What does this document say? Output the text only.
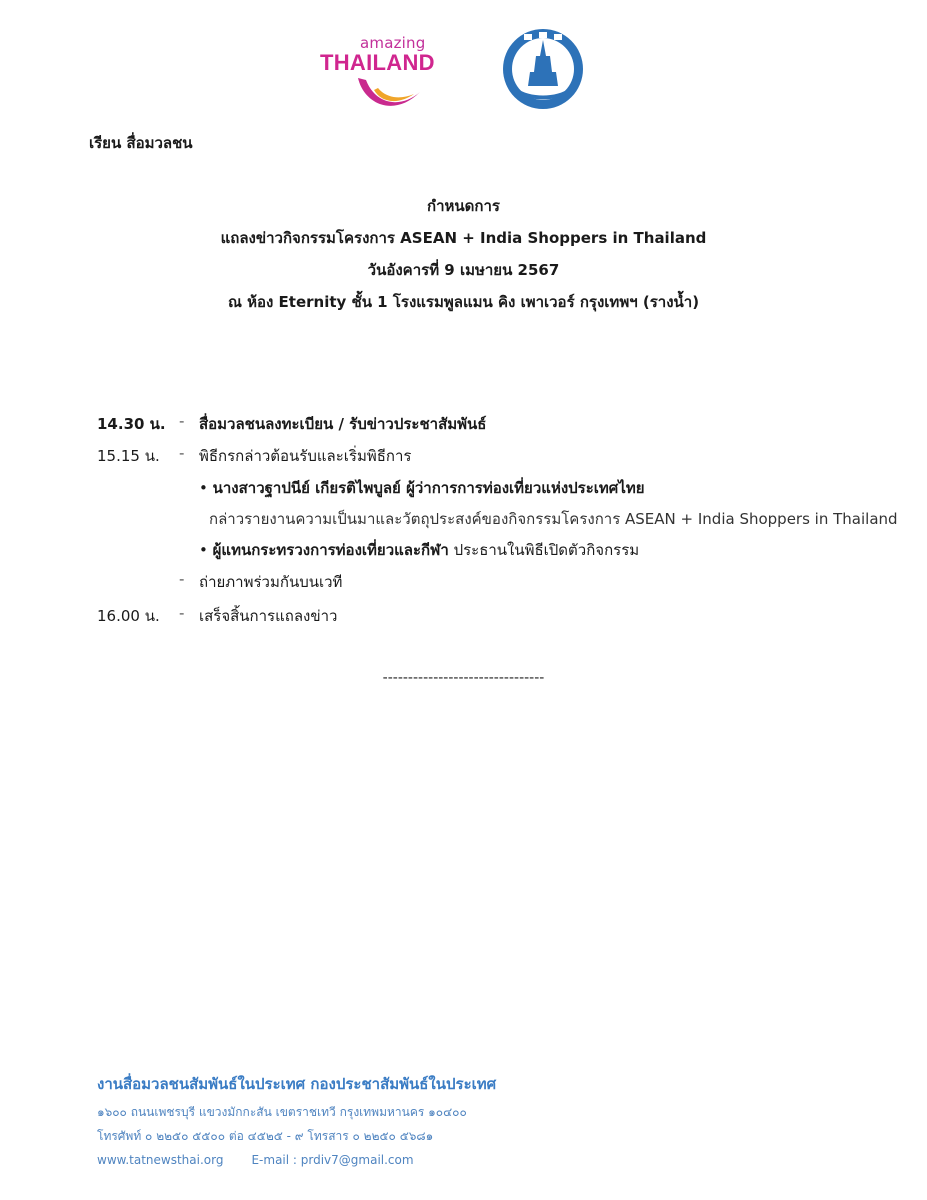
amazing
THAILAND
เรียน สื่อมวลชน
กำหนดการ
แถลงข่าวกิจกรรมโครงการ ASEAN + India Shoppers in Thailand
วันอังคารที่ 9 เมษายน 2567
ณ ห้อง Eternity ชั้น 1 โรงแรมพูลแมน คิง เพาเวอร์ กรุงเทพฯ (รางน้ำ)
14.30 น. - สื่อมวลชนลงทะเบียน / รับข่าวประชาสัมพันธ์
15.15 น. - พิธีกรกล่าวต้อนรับและเริ่มพิธีการ
• นางสาวฐาปนีย์ เกียรติไพบูลย์ ผู้ว่าการการท่องเที่ยวแห่งประเทศไทย
กล่าวรายงานความเป็นมาและวัตถุประสงค์ของกิจกรรมโครงการ ASEAN + India Shoppers in Thailand
• ผู้แทนกระทรวงการท่องเที่ยวและกีฬา ประธานในพิธีเปิดตัวกิจกรรม
- ถ่ายภาพร่วมกันบนเวที
16.00 น. - เสร็จสิ้นการแถลงข่าว
--------------------------------
งานสื่อมวลชนสัมพันธ์ในประเทศ กองประชาสัมพันธ์ในประเทศ
๑๖๐๐ ถนนเพชรบุรี แขวงมักกะสัน เขตราชเทวี กรุงเทพมหานคร ๑๐๔๐๐
โทรศัพท์ ๐ ๒๒๕๐ ๕๕๐๐ ต่อ ๔๕๒๕ - ๙ โทรสาร ๐ ๒๒๕๐ ๕๖๘๑
www.tatnewsthai.org E-mail : prdiv7@gmail.com
